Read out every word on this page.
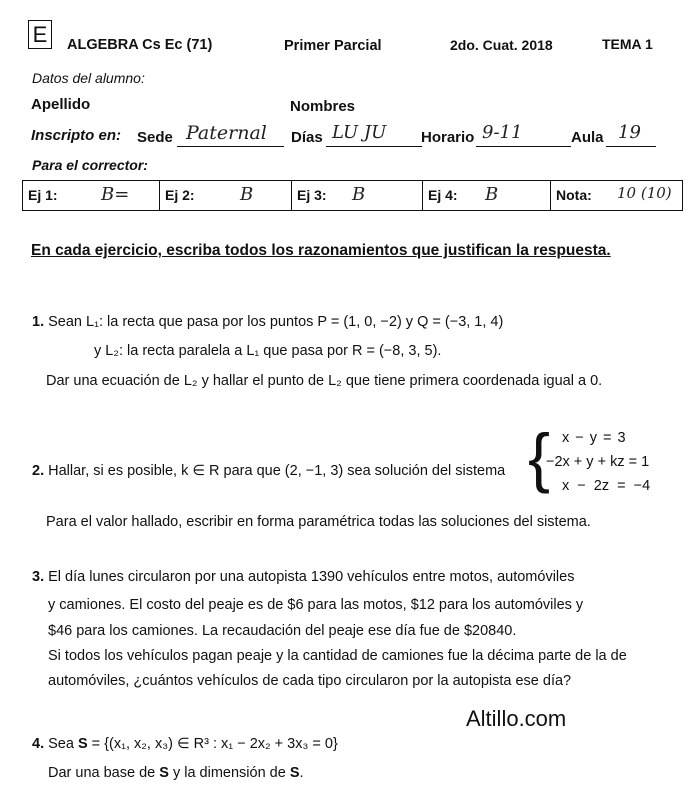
E	ALGEBRA Cs Ec (71)	Primer Parcial	2do. Cuat. 2018	TEMA 1
Datos del alumno:
Apellido	Nombres
Inscripto en: Sede Paternal Días LU JU Horario 9-11	Aula 19
Para el corrector:
Ej 1: B=	Ej 2:	B	Ej 3: B	Ej 4: B	Nota: 10 (10)
En cada ejercicio, escriba todos los razonamientos que justifican la respuesta.
1. Sean L₁: la recta que pasa por los puntos P = (1, 0, −2) y Q = (−3, 1, 4)
y L₂: la recta paralela a L₁ que pasa por R = (−8, 3, 5).
Dar una ecuación de L₂ y hallar el punto de L₂ que tiene primera coordenada igual a 0.
2. Hallar, si es posible, k ∈ R para que (2, −1, 3) sea solución del sistema { x − y = 3
−2x + y + kz = 1
x − 2z = −4
Para el valor hallado, escribir en forma paramétrica todas las soluciones del sistema.
3. El día lunes circularon por una autopista 1390 vehículos entre motos, automóviles
y camiones. El costo del peaje es de $6 para las motos, $12 para los automóviles y
$46 para los camiones. La recaudación del peaje ese día fue de $20840.
Si todos los vehículos pagan peaje y la cantidad de camiones fue la décima parte de la de
automóviles, ¿cuántos vehículos de cada tipo circularon por la autopista ese día?
Altillo.com
4. Sea S = {(x₁, x₂, x₃) ∈ R³ : x₁ − 2x₂ + 3x₃ = 0}
Dar una base de S y la dimensión de S.
